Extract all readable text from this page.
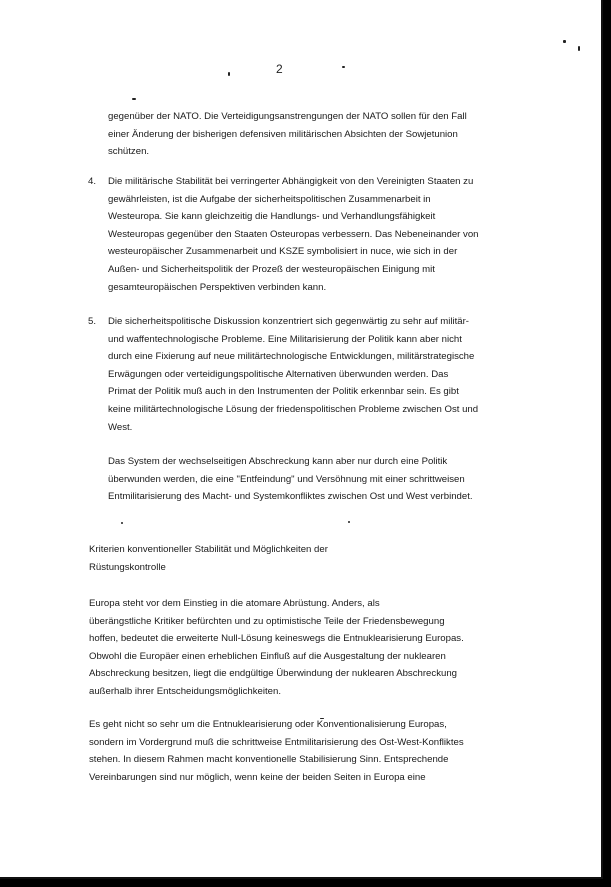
2
gegenüber der NATO. Die Verteidigungsanstrengungen der NATO sollen für den Fall
einer Änderung der bisherigen defensiven militärischen Absichten der Sowjetunion
schützen.
4. Die militärische Stabilität bei verringerter Abhängigkeit von den Vereinigten Staaten zu
gewährleisten, ist die Aufgabe der sicherheitspolitischen Zusammenarbeit in
Westeuropa. Sie kann gleichzeitig die Handlungs- und Verhandlungsfähigkeit
Westeuropas gegenüber den Staaten Osteuropas verbessern. Das Nebeneinander von
westeuropäischer Zusammenarbeit und KSZE symbolisiert in nuce, wie sich in der
Außen- und Sicherheitspolitik der Prozeß der westeuropäischen Einigung mit
gesamteuropäischen Perspektiven verbinden kann.
5. Die sicherheitspolitische Diskussion konzentriert sich gegenwärtig zu sehr auf militär-
und waffentechnologische Probleme. Eine Militarisierung der Politik kann aber nicht
durch eine Fixierung auf neue militärtechnologische Entwicklungen, militärstrategische
Erwägungen oder verteidigungspolitische Alternativen überwunden werden. Das
Primat der Politik muß auch in den Instrumenten der Politik erkennbar sein. Es gibt
keine militärtechnologische Lösung der friedenspolitischen Probleme zwischen Ost und
West.
Das System der wechselseitigen Abschreckung kann aber nur durch eine Politik
überwunden werden, die eine "Entfeindung" und Versöhnung mit einer schrittweisen
Entmilitarisierung des Macht- und Systemkonfliktes zwischen Ost und West verbindet.
Kriterien konventioneller Stabilität und Möglichkeiten der
Rüstungskontrolle
Europa steht vor dem Einstieg in die atomare Abrüstung. Anders, als
überängstliche Kritiker befürchten und zu optimistische Teile der Friedensbewegung
hoffen, bedeutet die erweiterte Null-Lösung keineswegs die Entnuklearisierung Europas.
Obwohl die Europäer einen erheblichen Einfluß auf die Ausgestaltung der nuklearen
Abschreckung besitzen, liegt die endgültige Überwindung der nuklearen Abschreckung
außerhalb ihrer Entscheidungsmöglichkeiten.
Es geht nicht so sehr um die Entnuklearisierung oder Konventionalisierung Europas,
sondern im Vordergrund muß die schrittweise Entmilitarisierung des Ost-West-Konfliktes
stehen. In diesem Rahmen macht konventionelle Stabilisierung Sinn. Entsprechende
Vereinbarungen sind nur möglich, wenn keine der beiden Seiten in Europa eine
